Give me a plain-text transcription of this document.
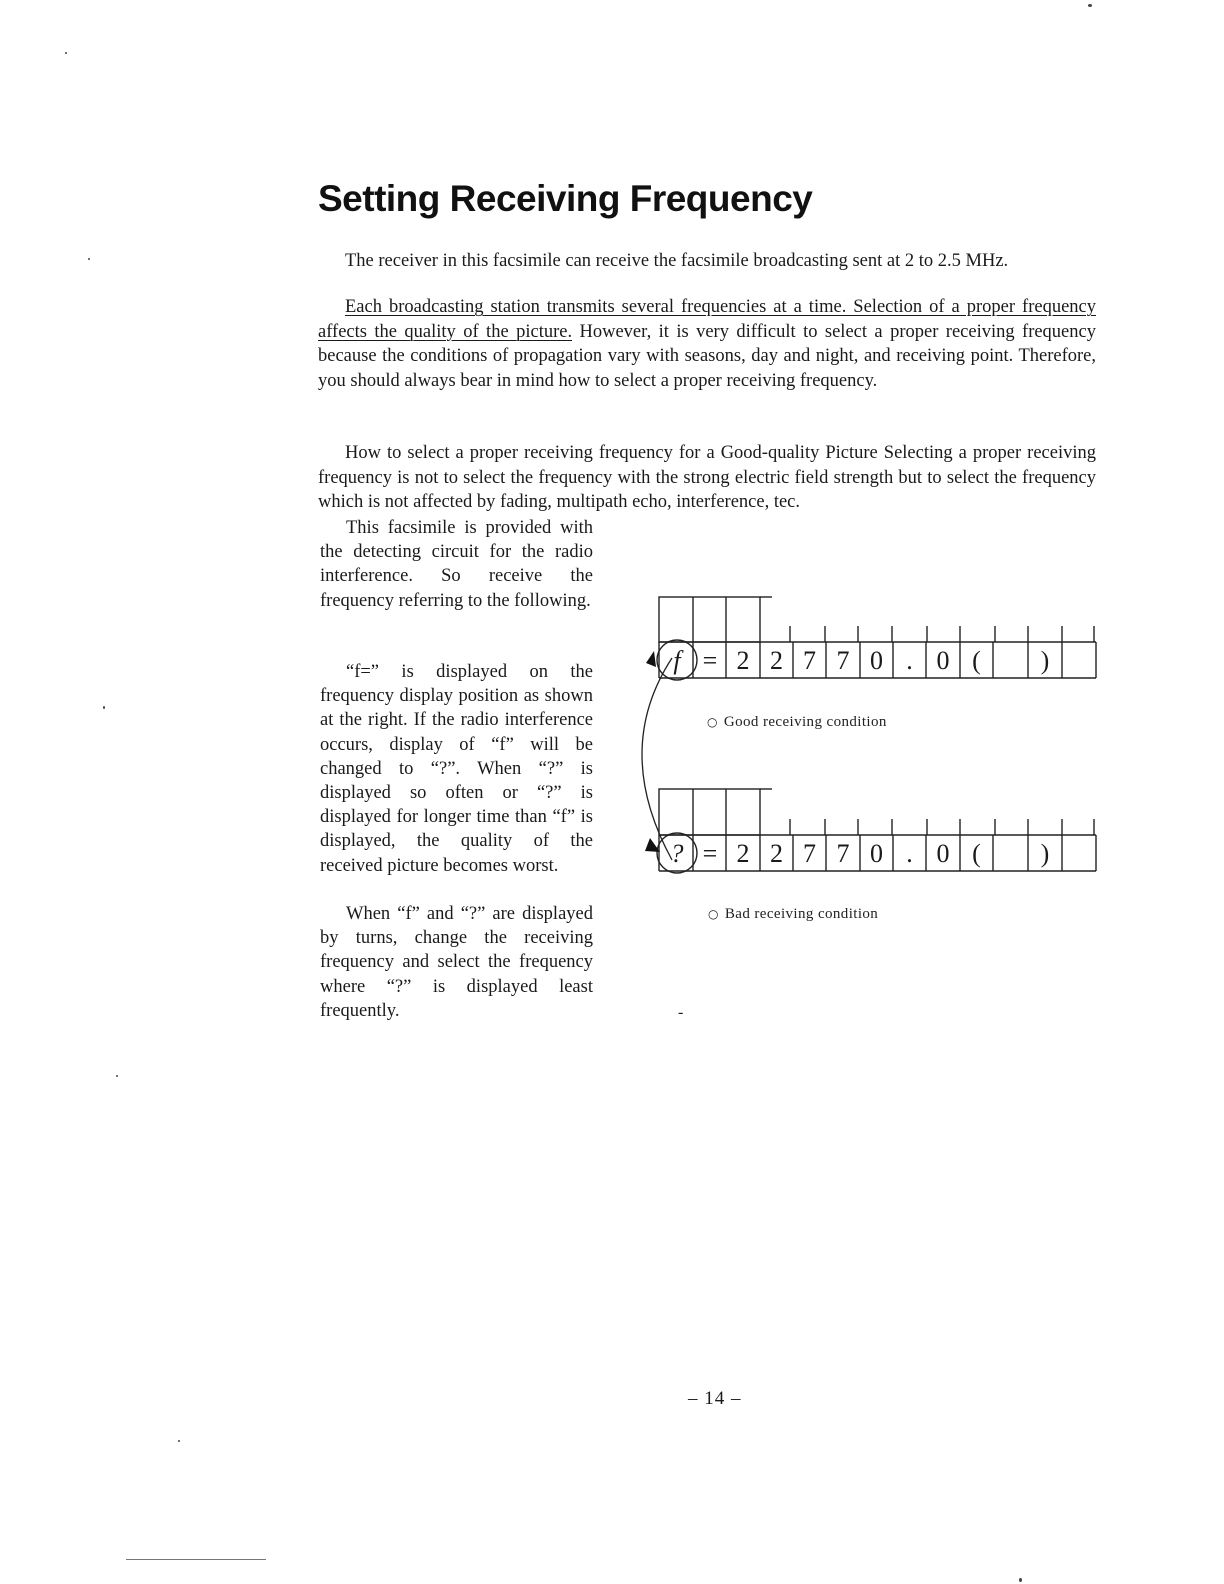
Setting Receiving Frequency

The receiver in this facsimile can receive the facsimile broadcasting sent at 2 to 2.5 MHz.

Each broadcasting station transmits several frequencies at a time. Selection of a proper frequency affects the quality of the picture. However, it is very difficult to select a proper receiving frequency because the conditions of propagation vary with seasons, day and night, and receiving point. Therefore, you should always bear in mind how to select a proper receiving frequency.

How to select a proper receiving frequency for a Good-quality Picture Selecting a proper receiving frequency is not to select the frequency with the strong electric field strength but to select the frequency which is not affected by fading, multipath echo, interference, tec.

This facsimile is provided with the detecting circuit for the radio interference. So receive the frequency referring to the following.

“f=” is displayed on the frequency display position as shown at the right. If the radio interference occurs, display of “f” will be changed to “?”. When “?” is displayed so often or “?” is displayed for longer time than “f” is displayed, the quality of the received picture becomes worst.

When “f” and “?” are displayed by turns, change the receiving frequency and select the frequency where “?” is displayed least frequently.

f = 2 2 7 7 0 . 0 ( )
? = 2 2 7 7 0 . 0 ( )
○ Good receiving condition
○ Bad receiving condition
-
– 14 –
